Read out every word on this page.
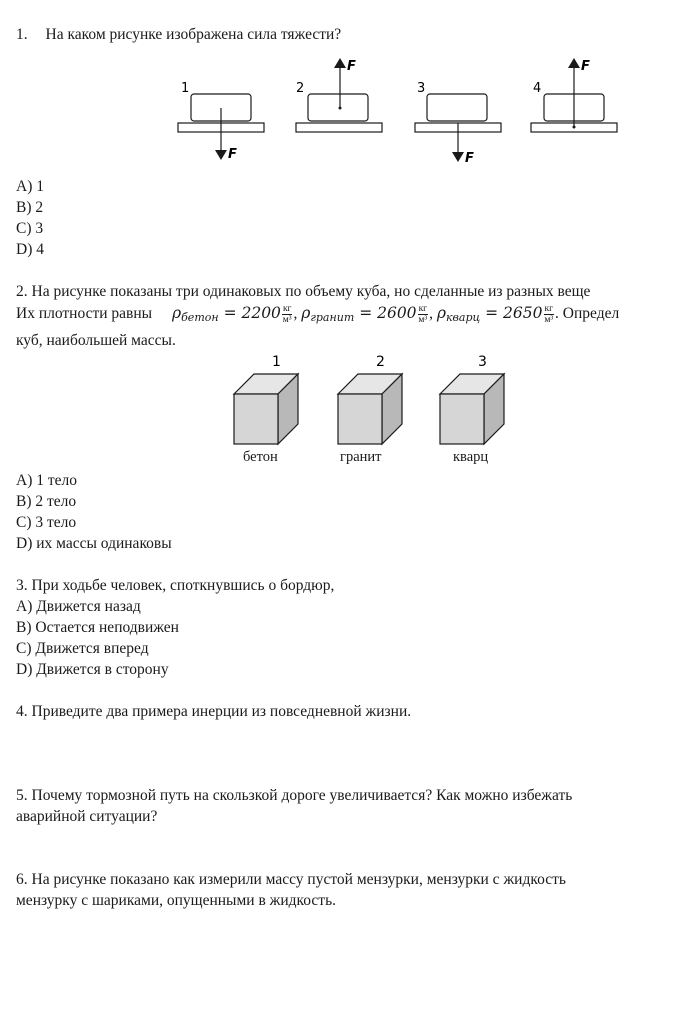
1. На каком рисунке изображена сила тяжести?
1
F
2
F
3
F
4
F
A) 1
B) 2
C) 3
D) 4
2. На рисунке показаны три одинаковых по объему куба, но сделанные из разных веще
Их плотности равны ρбетон = $2200 \frac{кг}{\text{м³}}$ , ρгранит = $2600 \frac{кг}{\text{м³}}$ , ρкварц = $2650 \frac{кг}{\text{м³}}$ . Определ
куб, наибольшей массы.
1	2	3
бетон	гранит	кварц
A) 1 тело
B) 2 тело
C) 3 тело
D) их массы одинаковы
3. При ходьбе человек, споткнувшись о бордюр,
A) Движется назад
B) Остается неподвижен
C) Движется вперед
D) Движется в сторону
4. Приведите два примера инерции из повседневной жизни.
5. Почему тормозной путь на скользкой дороге увеличивается? Как можно избежать
аварийной ситуации?
6. На рисунке показано как измерили массу пустой мензурки, мензурки с жидкость
мензурку с шариками, опущенными в жидкость.
